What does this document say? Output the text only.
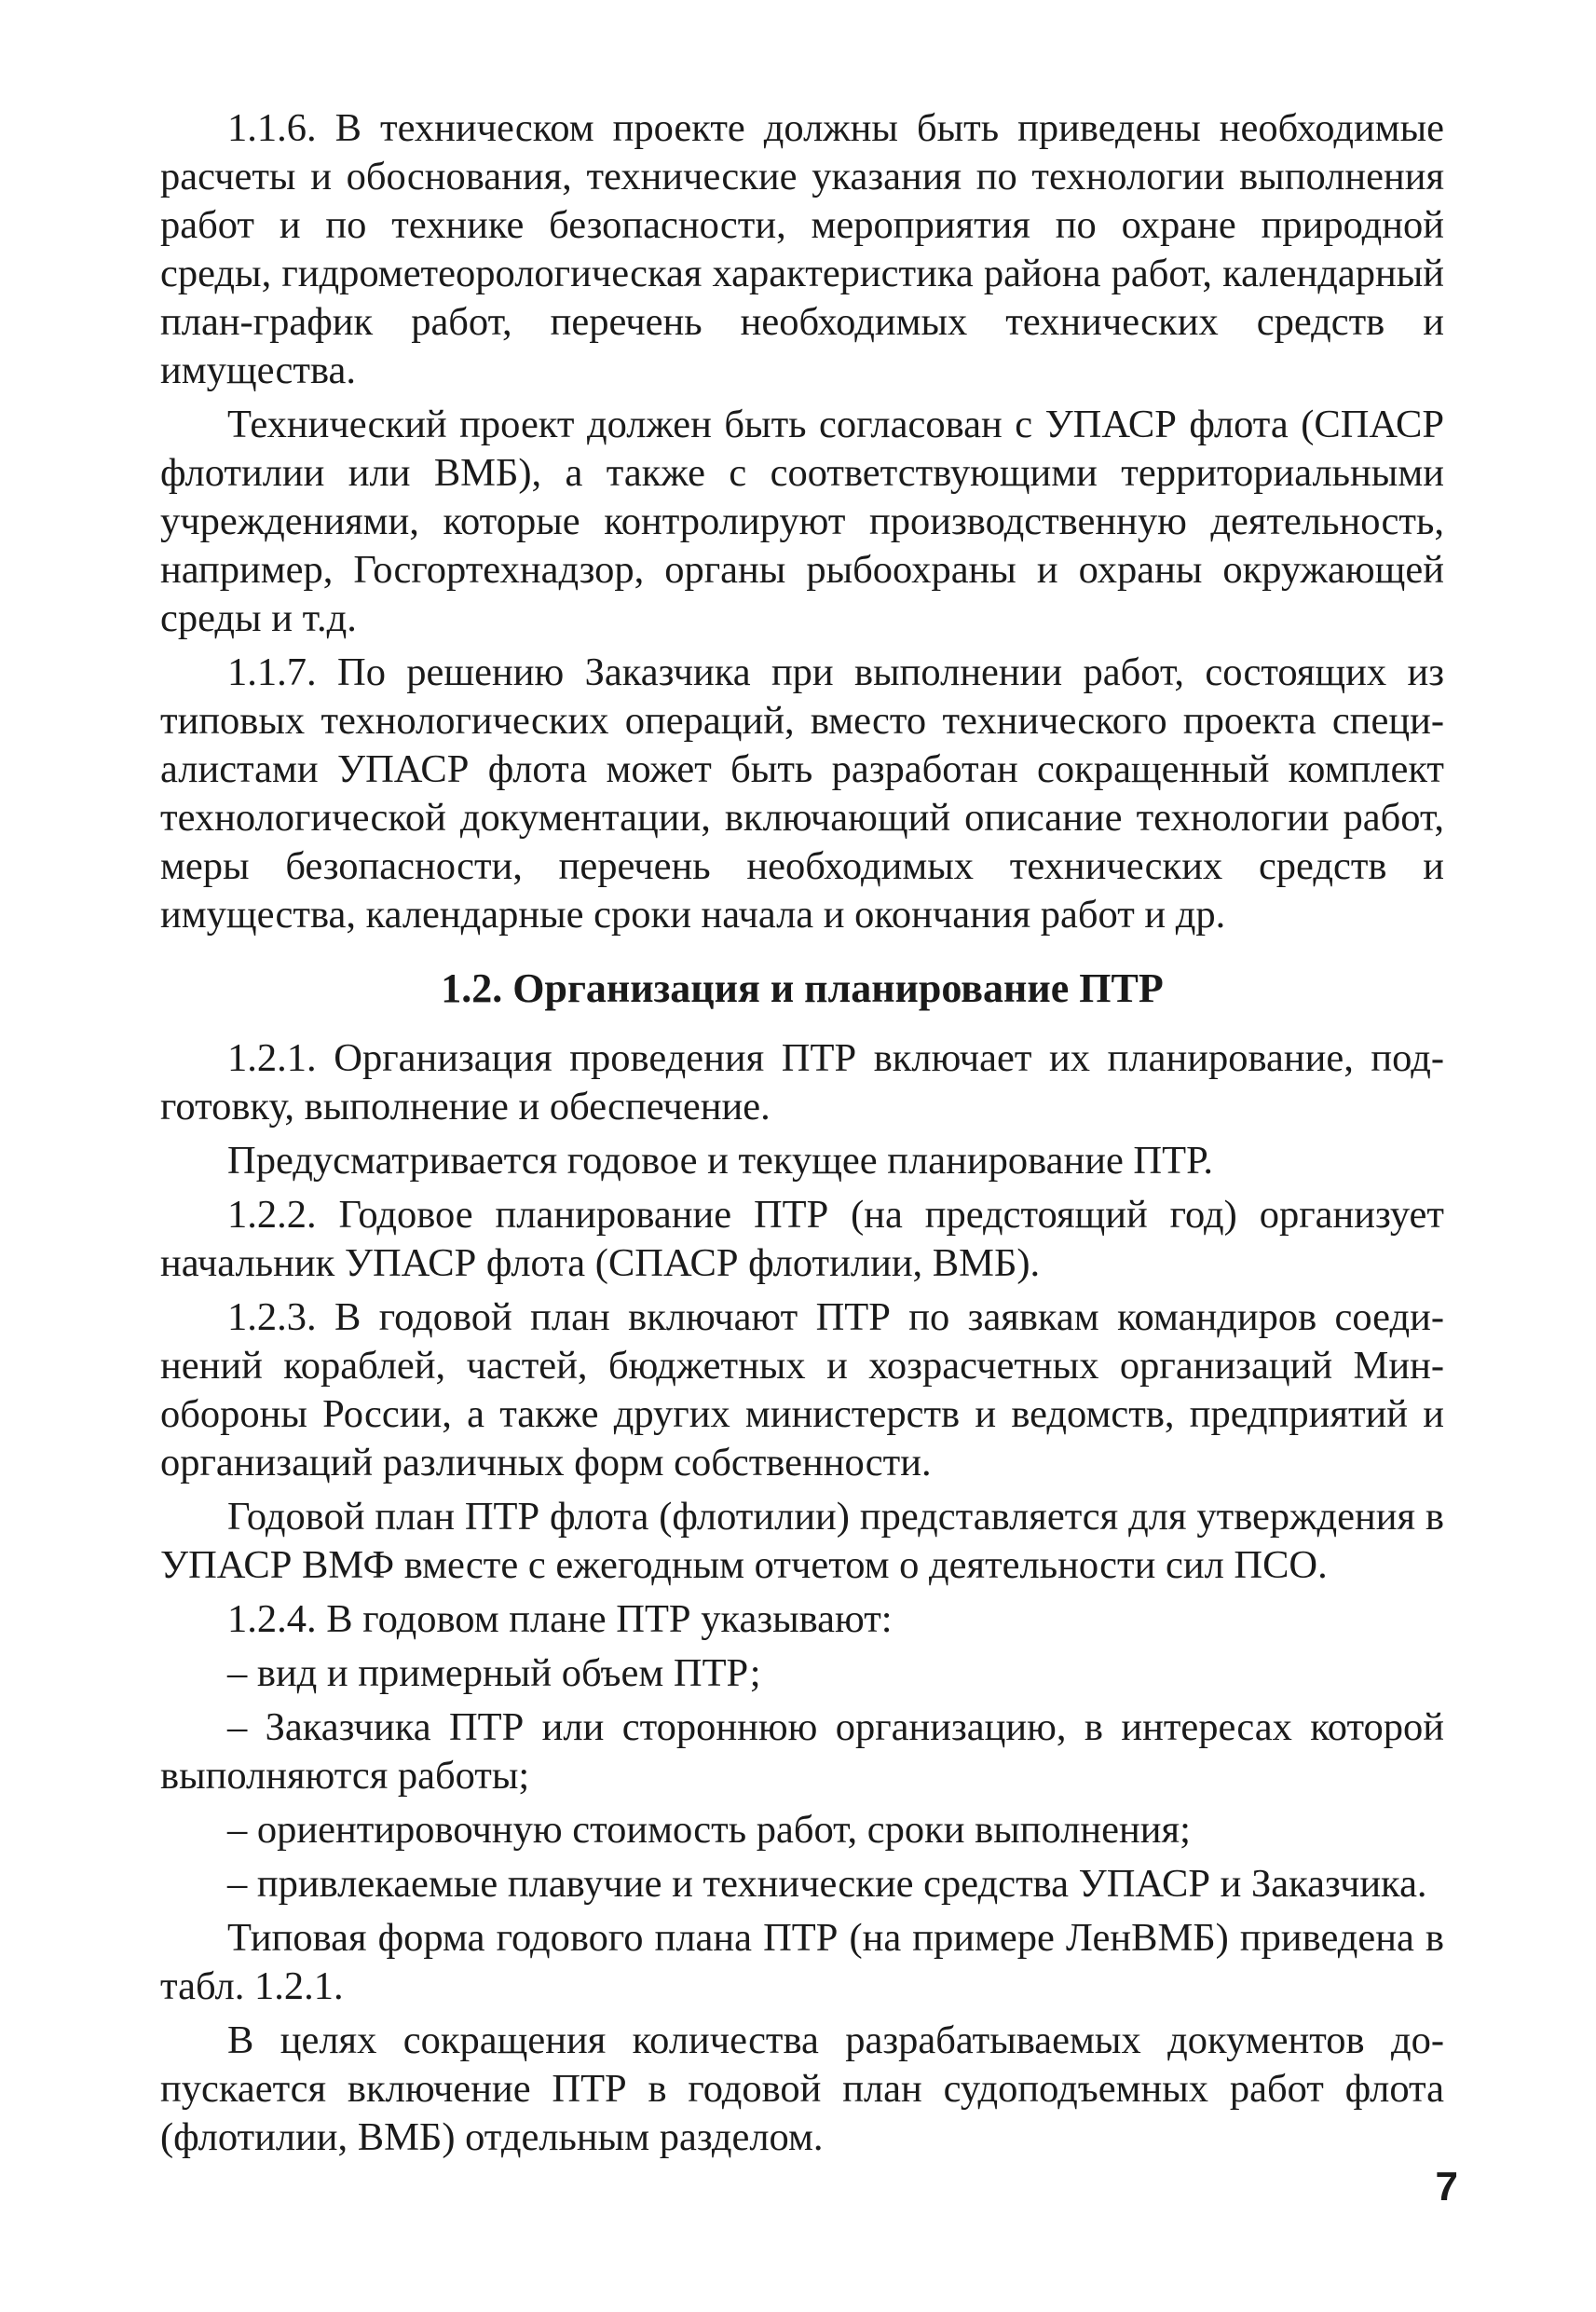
1.1.6. В техническом проекте должны быть приведены необходимые расчеты и обоснования, технические указания по технологии выполнения работ и по технике безопасности, мероприятия по охране природной среды, гидрометеорологическая характеристика района работ, календарный план-график работ, перечень необходимых технических средств и имущества.

Технический проект должен быть согласован с УПАСР флота (СПАСР флотилии или ВМБ), а также с соответствующими территориальными учреждениями, которые контролируют производственную деятельность, например, Госгортехнадзор, органы рыбоохраны и охраны окружающей среды и т.д.

1.1.7. По решению Заказчика при выполнении работ, состоящих из типовых технологических операций, вместо технического проекта специалистами УПАСР флота может быть разработан сокращенный комплект технологической документации, включающий описание технологии работ, меры безопасности, перечень необходимых технических средств и имущества, календарные сроки начала и окончания работ и др.

1.2. Организация и планирование ПТР

1.2.1. Организация проведения ПТР включает их планирование, подготовку, выполнение и обеспечение.

Предусматривается годовое и текущее планирование ПТР.

1.2.2. Годовое планирование ПТР (на предстоящий год) организует начальник УПАСР флота (СПАСР флотилии, ВМБ).

1.2.3. В годовой план включают ПТР по заявкам командиров соединений кораблей, частей, бюджетных и хозрасчетных организаций Минобороны России, а также других министерств и ведомств, предприятий и организаций различных форм собственности.

Годовой план ПТР флота (флотилии) представляется для утверждения в УПАСР ВМФ вместе с ежегодным отчетом о деятельности сил ПСО.

1.2.4. В годовом плане ПТР указывают:

– вид и примерный объем ПТР;

– Заказчика ПТР или стороннюю организацию, в интересах которой выполняются работы;

– ориентировочную стоимость работ, сроки выполнения;

– привлекаемые плавучие и технические средства УПАСР и Заказчика.

Типовая форма годового плана ПТР (на примере ЛенВМБ) приведена в табл. 1.2.1.

В целях сокращения количества разрабатываемых документов допускается включение ПТР в годовой план судоподъемных работ флота (флотилии, ВМБ) отдельным разделом.

7
